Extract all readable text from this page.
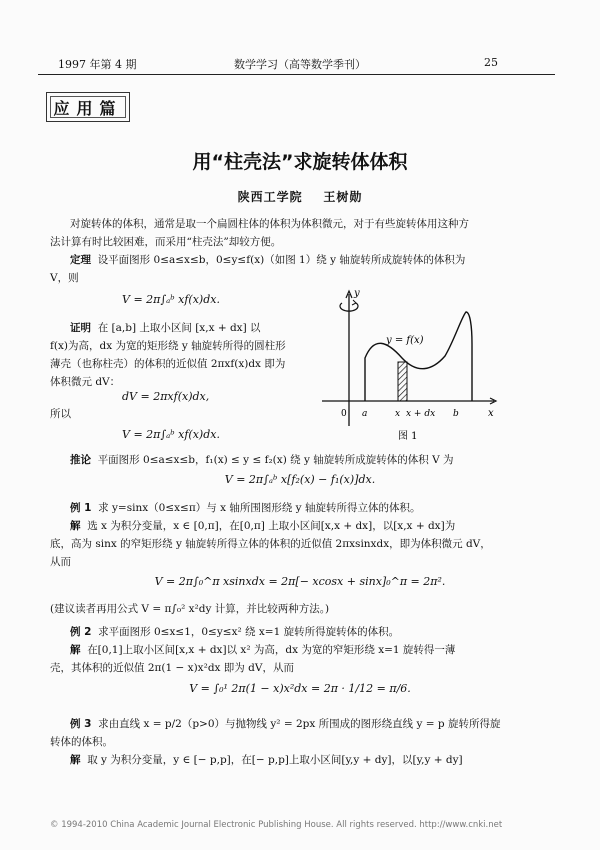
1997 年第 4 期	数学学习（高等数学季刊）	25
应用篇
用“柱壳法”求旋转体体积
陕西工学院 王树勋
对旋转体的体积，通常是取一个扁圆柱体的体积为体积微元，对于有些旋转体用这种方
法计算有时比较困难，而采用“柱壳法”却较方便。
定理 设平面图形 0≤a≤x≤b，0≤y≤f(x)（如图 1）绕 y 轴旋转所成旋转体的体积为
V，则
V = 2π∫ₐᵇ xf(x)dx.
证明 在 [a,b] 上取小区间 [x,x + dx] 以
f(x)为高，dx 为宽的矩形绕 y 轴旋转所得的圆柱形
薄壳（也称柱壳）的体积的近似值 2πxf(x)dx 即为
体积微元 dV：
dV = 2πxf(x)dx,
所以
V = 2π∫ₐᵇ xf(x)dx.
y = f(x)
y
x
0 a	x x + dx b
图 1
推论 平面图形 0≤a≤x≤b，f₁(x) ≤ y ≤ f₂(x) 绕 y 轴旋转所成旋转体的体积 V 为
V = 2π∫ₐᵇ x[f₂(x) − f₁(x)]dx.
例 1 求 y=sinx（0≤x≤π）与 x 轴所围图形绕 y 轴旋转所得立体的体积。
解 选 x 为积分变量，x ∈ [0,π]，在[0,π] 上取小区间[x,x + dx]，以[x,x + dx]为
底，高为 sinx 的窄矩形绕 y 轴旋转所得立体的体积的近似值 2πxsinxdx，即为体积微元 dV，
从而
V = 2π∫₀^π xsinxdx = 2π[− xcosx + sinx]₀^π = 2π².
(建议读者再用公式 V = π∫₀² x²dy 计算，并比较两种方法。)
例 2 求平面图形 0≤x≤1，0≤y≤x² 绕 x=1 旋转所得旋转体的体积。
解 在[0,1]上取小区间[x,x + dx]以 x² 为高，dx 为宽的窄矩形绕 x=1 旋转得一薄
壳，其体积的近似值 2π(1 − x)x²dx 即为 dV，从而
V = ∫₀¹ 2π(1 − x)x²dx = 2π · 1/12 = π/6.
例 3 求由直线 x = p/2（p>0）与抛物线 y² = 2px 所围成的图形绕直线 y = p 旋转所得旋
转体的体积。
解 取 y 为积分变量，y ∈ [− p,p]，在[− p,p]上取小区间[y,y + dy]，以[y,y + dy]
© 1994-2010 China Academic Journal Electronic Publishing House. All rights reserved. http://www.cnki.net
